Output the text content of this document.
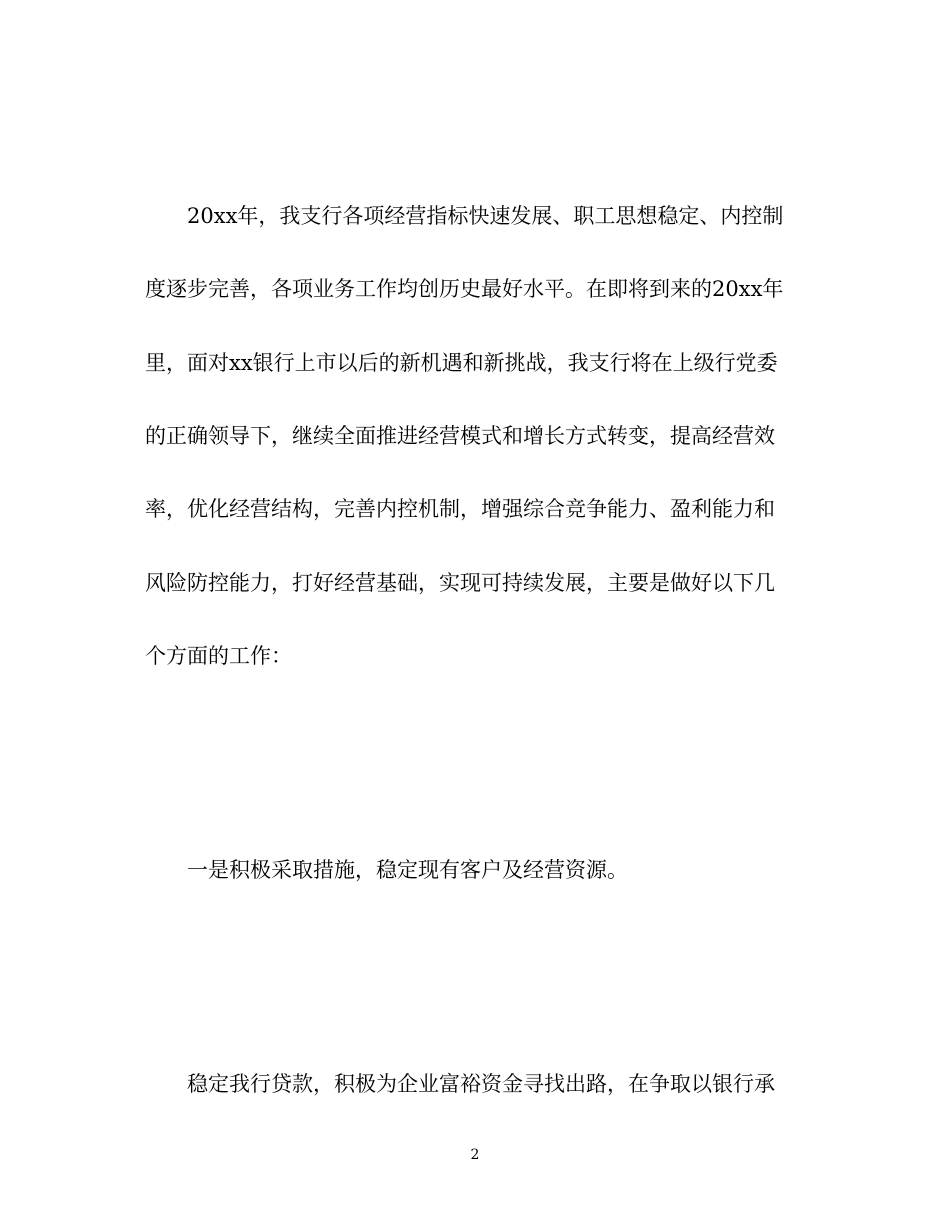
20xx年，我支行各项经营指标快速发展、职工思想稳定、内控制
度逐步完善，各项业务工作均创历史最好水平。在即将到来的20xx年
里，面对xx银行上市以后的新机遇和新挑战，我支行将在上级行党委
的正确领导下，继续全面推进经营模式和增长方式转变，提高经营效
率，优化经营结构，完善内控机制，增强综合竞争能力、盈利能力和
风险防控能力，打好经营基础，实现可持续发展，主要是做好以下几
个方面的工作：
一是积极采取措施，稳定现有客户及经营资源。
稳定我行贷款，积极为企业富裕资金寻找出路，在争取以银行承
2
